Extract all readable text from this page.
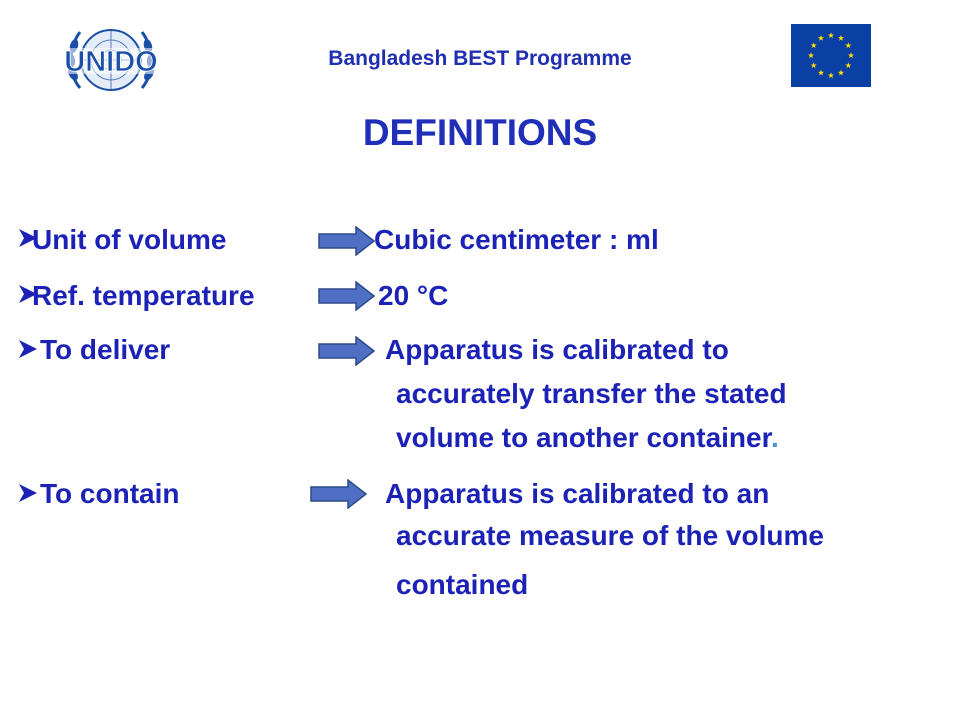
UNIDO	Bangladesh BEST Programme
DEFINITIONS
Unit of volume	Cubic centimeter : ml
Ref. temperature	20 °C
To deliver	Apparatus is calibrated to
accurately transfer the stated
volume to another container.
To contain	Apparatus is calibrated to an
accurate measure of the volume
contained
